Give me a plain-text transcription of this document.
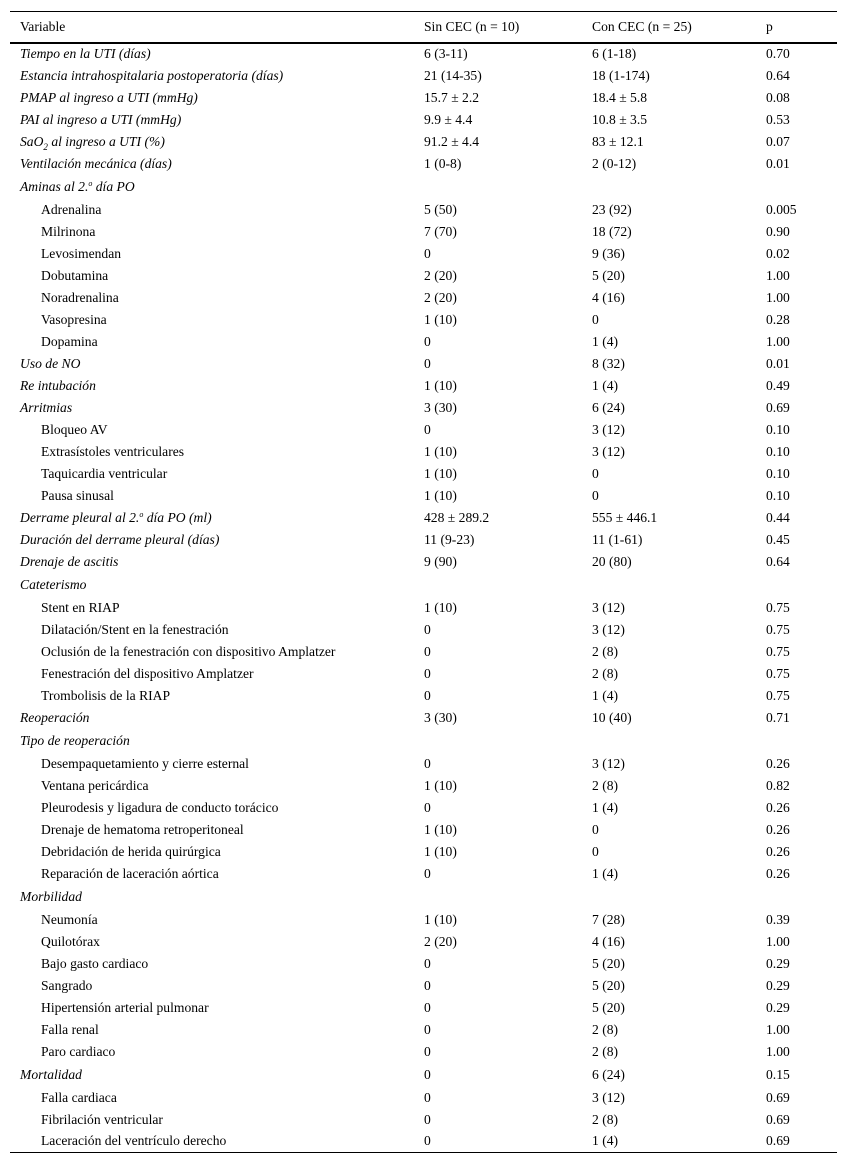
Variable	Sin CEC (n = 10)	Con CEC (n = 25)	p
Tiempo en la UTI (días)	6 (3-11)	6 (1-18)	0.70
Estancia intrahospitalaria postoperatoria (días)	21 (14-35)	18 (1-174)	0.64
PMAP al ingreso a UTI (mmHg)	15.7 ± 2.2	18.4 ± 5.8	0.08
PAI al ingreso a UTI (mmHg)	9.9 ± 4.4	10.8 ± 3.5	0.53
SaO$_2$ al ingreso a UTI (%)	91.2 ± 4.4	83 ± 12.1	0.07
Ventilación mecánica (días)	1 (0-8)	2 (0-12)	0.01
Aminas al 2.$^o$ día PO			
Adrenalina	5 (50)	23 (92)	0.005
Milrinona	7 (70)	18 (72)	0.90
Levosimendan	0	9 (36)	0.02
Dobutamina	2 (20)	5 (20)	1.00
Noradrenalina	2 (20)	4 (16)	1.00
Vasopresina	1 (10)	0	0.28
Dopamina	0	1 (4)	1.00
Uso de NO	0	8 (32)	0.01
Re intubación	1 (10)	1 (4)	0.49
Arritmias	3 (30)	6 (24)	0.69
Bloqueo AV	0	3 (12)	0.10
Extrasístoles ventriculares	1 (10)	3 (12)	0.10
Taquicardia ventricular	1 (10)	0	0.10
Pausa sinusal	1 (10)	0	0.10
Derrame pleural al 2.$^o$ día PO (ml)	428 ± 289.2	555 ± 446.1	0.44
Duración del derrame pleural (días)	11 (9-23)	11 (1-61)	0.45
Drenaje de ascitis	9 (90)	20 (80)	0.64
Cateterismo			
Stent en RIAP	1 (10)	3 (12)	0.75
Dilatación/Stent en la fenestración	0	3 (12)	0.75
Oclusión de la fenestración con dispositivo Amplatzer	0	2 (8)	0.75
Fenestración del dispositivo Amplatzer	0	2 (8)	0.75
Trombolisis de la RIAP	0	1 (4)	0.75
Reoperación	3 (30)	10 (40)	0.71
Tipo de reoperación			
Desempaquetamiento y cierre esternal	0	3 (12)	0.26
Ventana pericárdica	1 (10)	2 (8)	0.82
Pleurodesis y ligadura de conducto torácico	0	1 (4)	0.26
Drenaje de hematoma retroperitoneal	1 (10)	0	0.26
Debridación de herida quirúrgica	1 (10)	0	0.26
Reparación de laceración aórtica	0	1 (4)	0.26
Morbilidad			
Neumonía	1 (10)	7 (28)	0.39
Quilotórax	2 (20)	4 (16)	1.00
Bajo gasto cardiaco	0	5 (20)	0.29
Sangrado	0	5 (20)	0.29
Hipertensión arterial pulmonar	0	5 (20)	0.29
Falla renal	0	2 (8)	1.00
Paro cardiaco	0	2 (8)	1.00
Mortalidad	0	6 (24)	0.15
Falla cardiaca	0	3 (12)	0.69
Fibrilación ventricular	0	2 (8)	0.69
Laceración del ventrículo derecho	0	1 (4)	0.69
